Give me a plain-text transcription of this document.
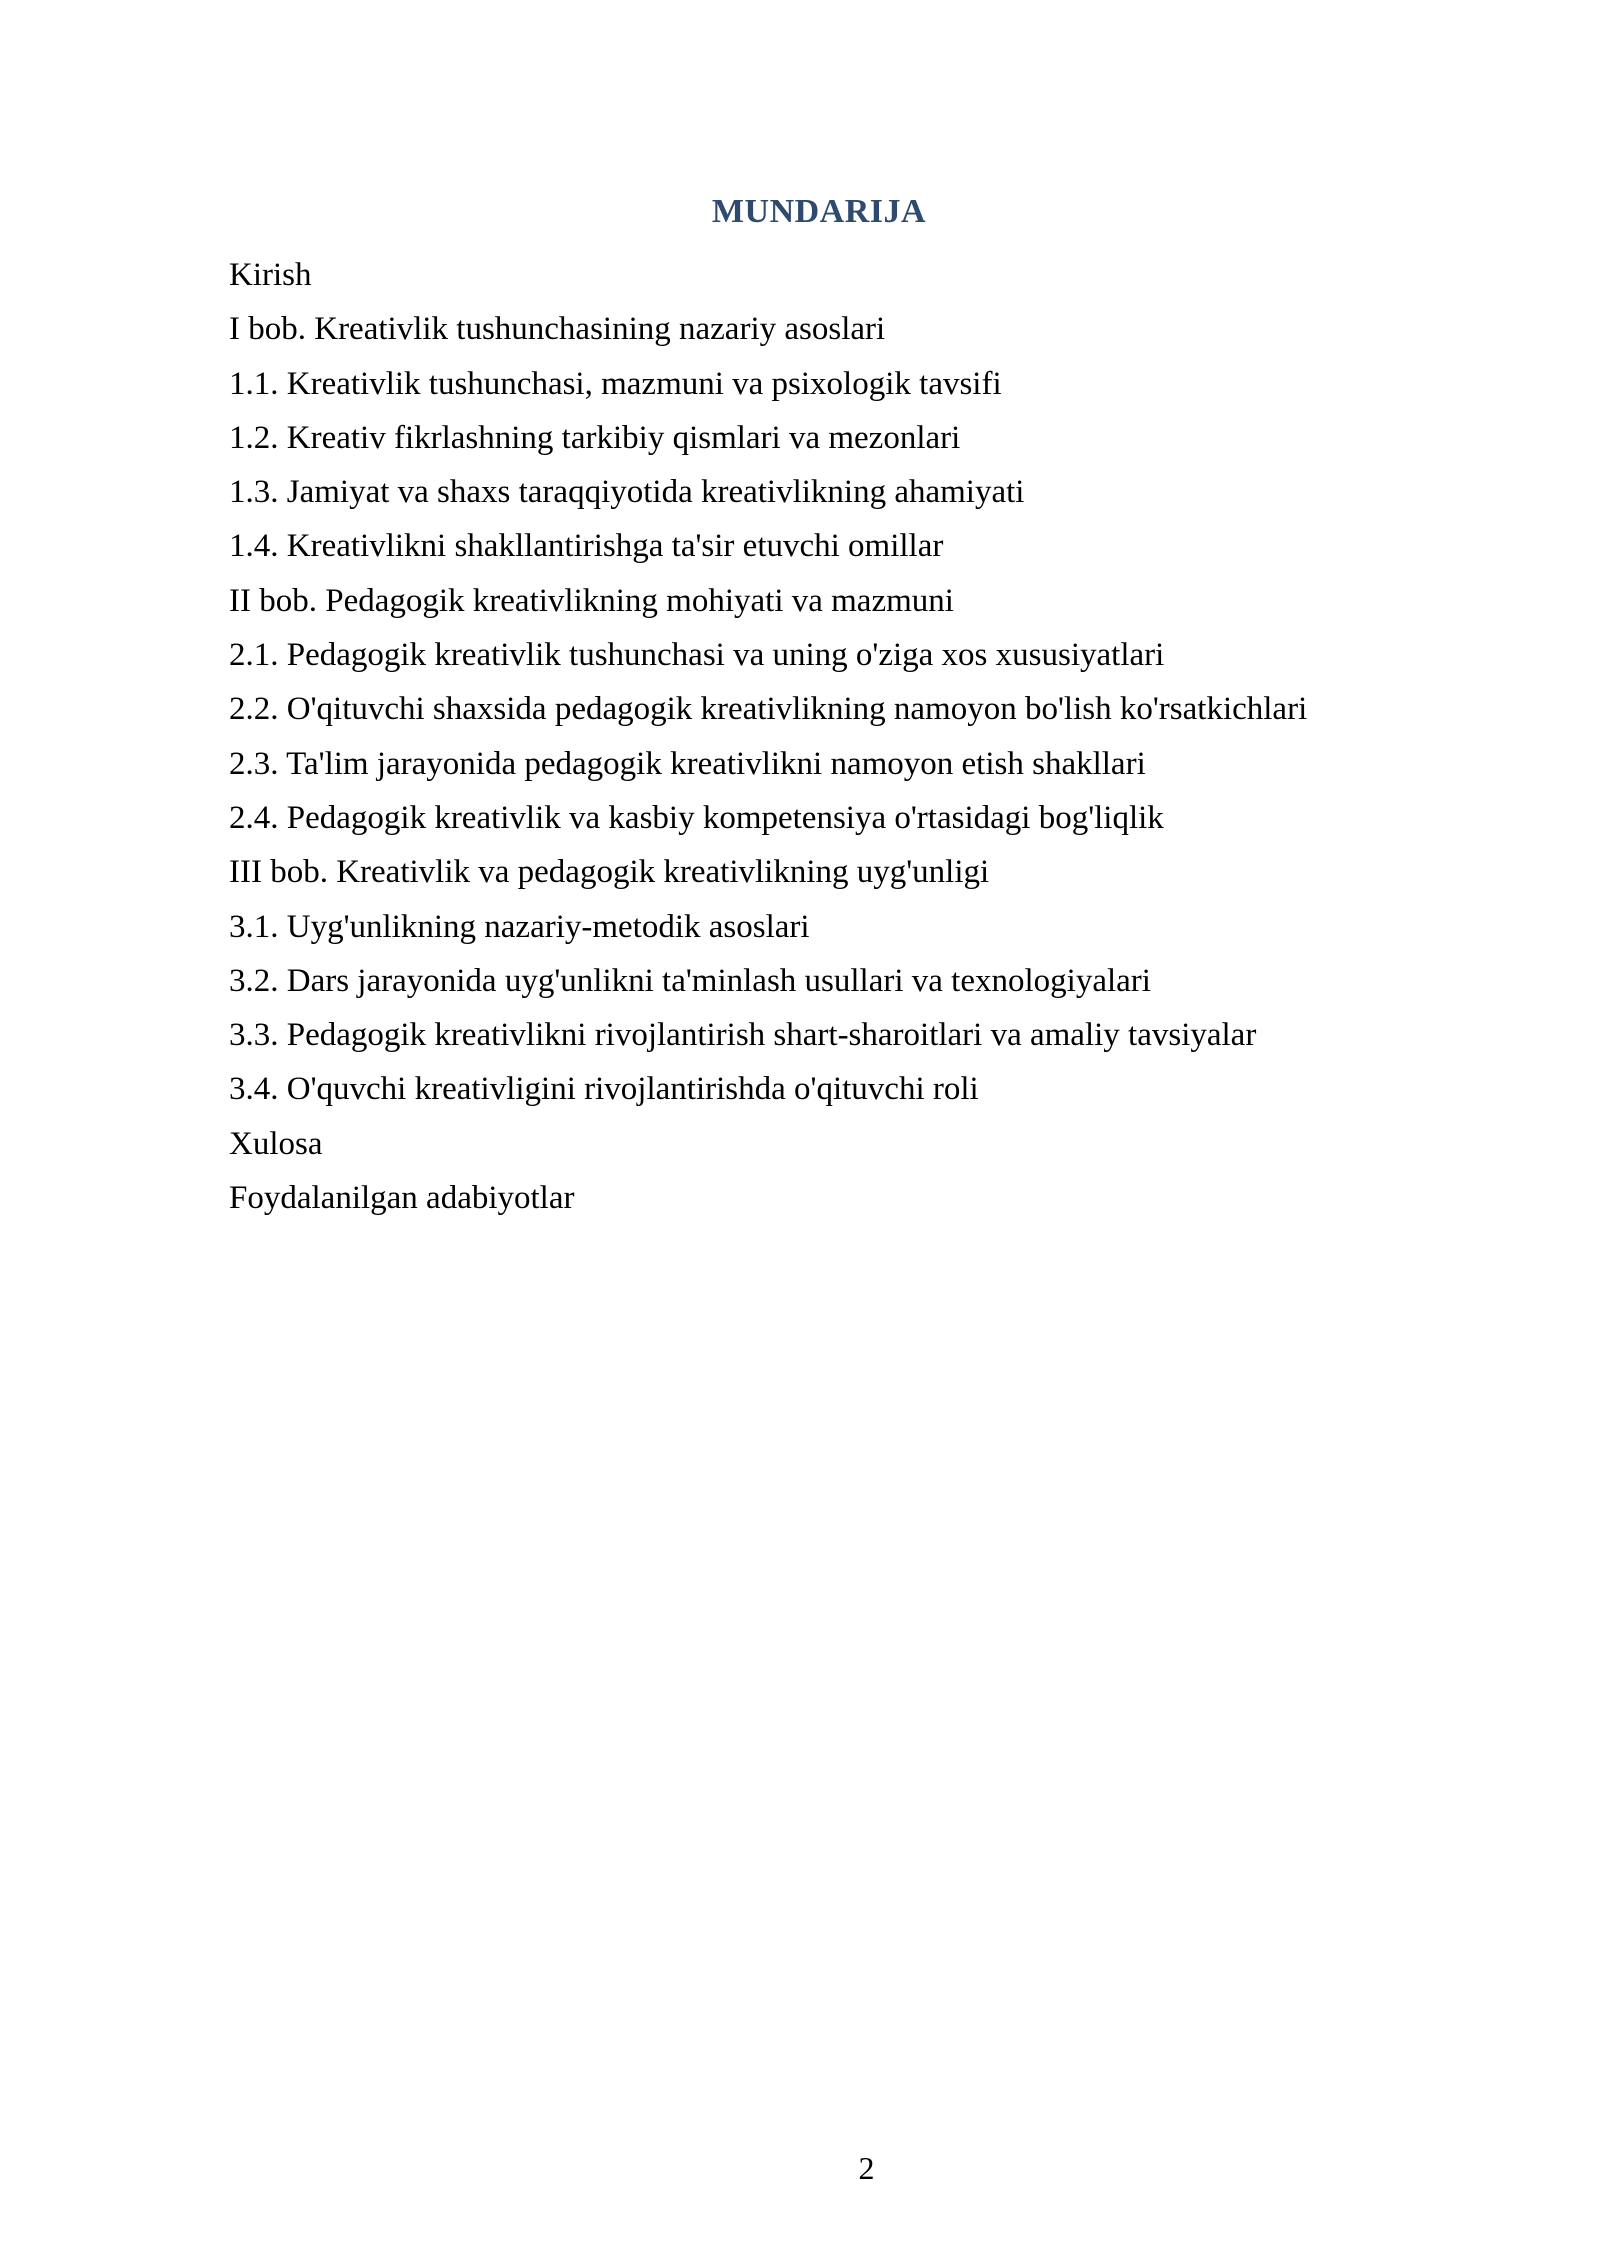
MUNDARIJA
Kirish
I bob. Kreativlik tushunchasining nazariy asoslari
1.1. Kreativlik tushunchasi, mazmuni va psixologik tavsifi
1.2. Kreativ fikrlashning tarkibiy qismlari va mezonlari
1.3. Jamiyat va shaxs taraqqiyotida kreativlikning ahamiyati
1.4. Kreativlikni shakllantirishga ta'sir etuvchi omillar
II bob. Pedagogik kreativlikning mohiyati va mazmuni
2.1. Pedagogik kreativlik tushunchasi va uning o'ziga xos xususiyatlari
2.2. O'qituvchi shaxsida pedagogik kreativlikning namoyon bo'lish ko'rsatkichlari
2.3. Ta'lim jarayonida pedagogik kreativlikni namoyon etish shakllari
2.4. Pedagogik kreativlik va kasbiy kompetensiya o'rtasidagi bog'liqlik
III bob. Kreativlik va pedagogik kreativlikning uyg'unligi
3.1. Uyg'unlikning nazariy-metodik asoslari
3.2. Dars jarayonida uyg'unlikni ta'minlash usullari va texnologiyalari
3.3. Pedagogik kreativlikni rivojlantirish shart-sharoitlari va amaliy tavsiyalar
3.4. O'quvchi kreativligini rivojlantirishda o'qituvchi roli
Xulosa
Foydalanilgan adabiyotlar
2
